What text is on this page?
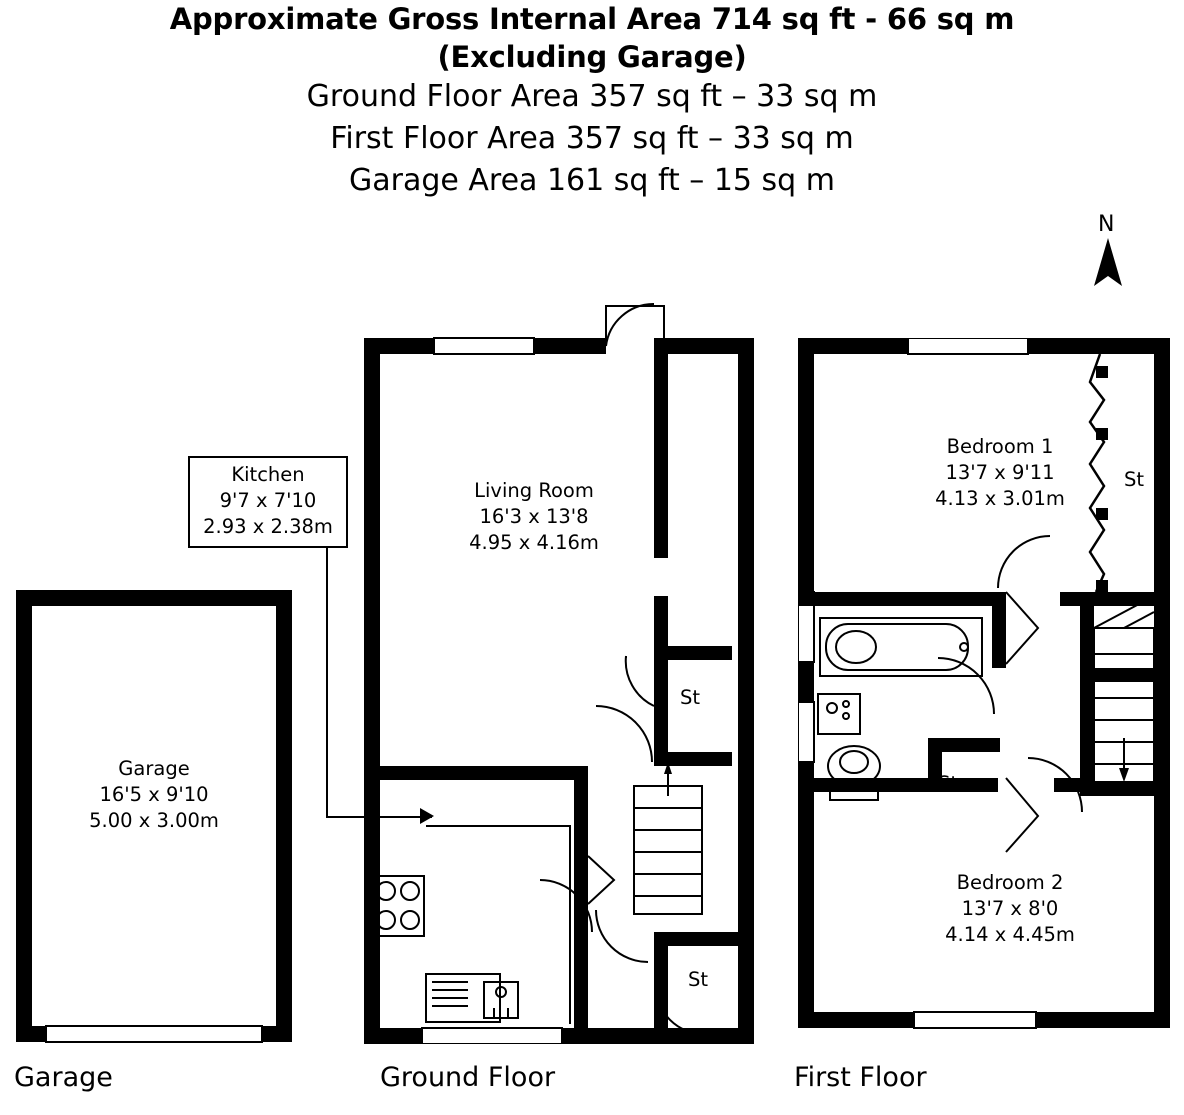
Approximate Gross Internal Area 714 sq ft - 66 sq m
(Excluding Garage)
Ground Floor Area 357 sq ft – 33 sq m
First Floor Area 357 sq ft – 33 sq m
Garage Area 161 sq ft – 15 sq m
N
Garage
16'5 x 9'10
5.00 x 3.00m
Garage
Kitchen
9'7 x 7'10
2.93 x 2.38m
Living Room
16'3 x 13'8
4.95 x 4.16m
St
St
Ground Floor
Bedroom 1
13'7 x 9'11
4.13 x 3.01m
St
St
Bedroom 2
13'7 x 8'0
4.14 x 4.45m
First Floor
